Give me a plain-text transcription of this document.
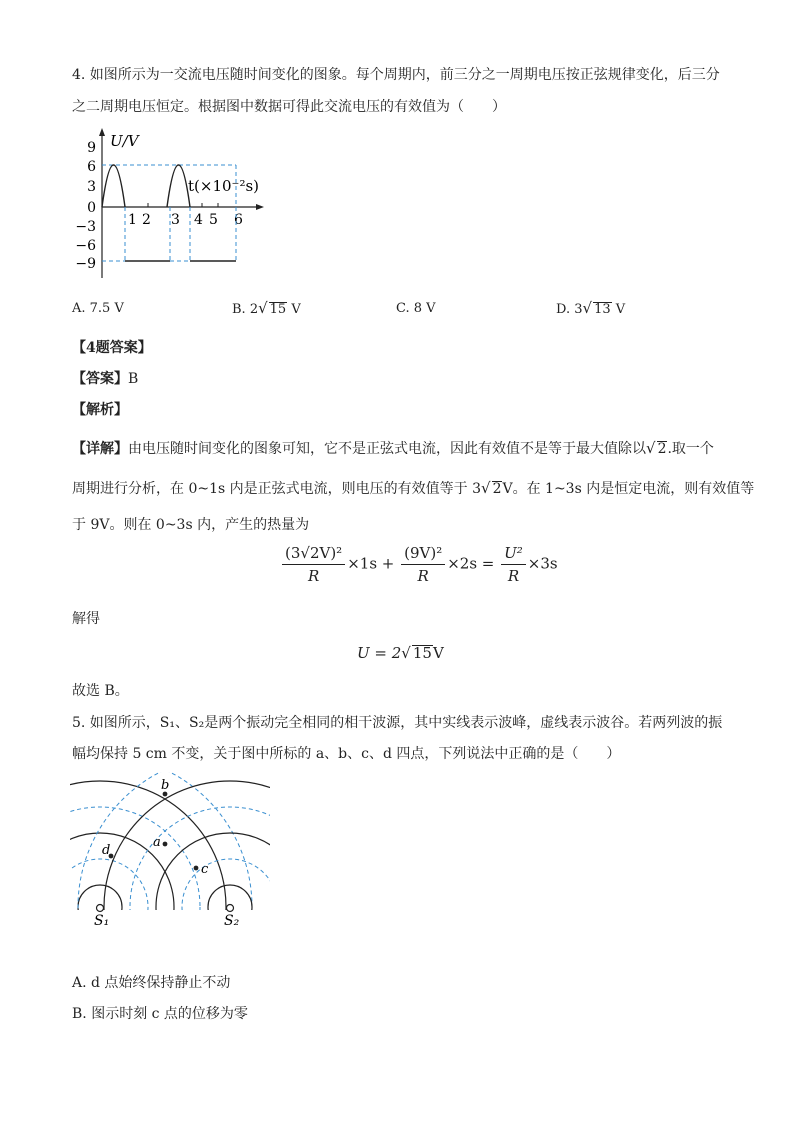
4. 如图所示为一交流电压随时间变化的图象。每个周期内，前三分之一周期电压按正弦规律变化，后三分
之二周期电压恒定。根据图中数据可得此交流电压的有效值为（　　）
U/V
t(×10⁻²s)
9
6
3
0
−3
−6
−9
1 2 3 4 5 6
A. 7.5 V	B. 2√ 15 V	C. 8 V	D. 3√ 13 V
【4题答案】
【答案】B
【解析】
【详解】由电压随时间变化的图象可知，它不是正弦式电流，因此有效值不是等于最大值除以√ 2.取一个
周期进行分析，在 0~1s 内是正弦式电流，则电压的有效值等于 3√ 2V。在 1~3s 内是恒定电流，则有效值等
于 9V。则在 0~3s 内，产生的热量为
$\frac{\text{(3√2V)²}}{R} \times 1s + \frac{\text{(9V)²}}{R} \times 2s = \frac{\text{U²}}{R} \times 3s$
解得
U = 2√ 15V
故选 B。
5. 如图所示，S₁、S₂是两个振动完全相同的相干波源，其中实线表示波峰，虚线表示波谷。若两列波的振
幅均保持 5 cm 不变，关于图中所标的 a、b、c、d 四点，下列说法中正确的是（　　）
S₁	S₂
b
a
d
c
A. d 点始终保持静止不动
B. 图示时刻 c 点的位移为零
